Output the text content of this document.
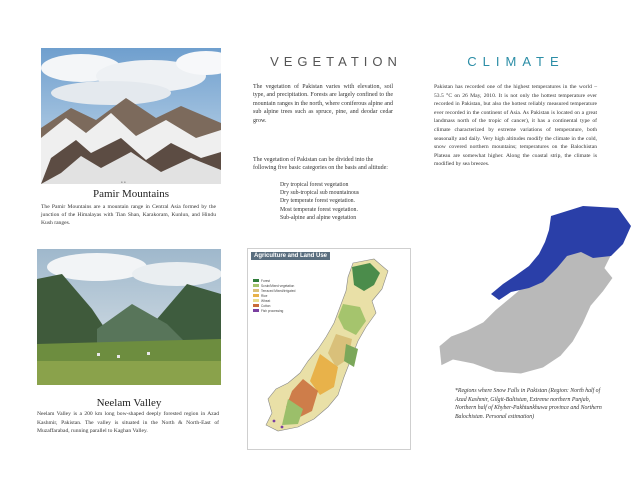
• •
Pamir Mountains
The Pamir Mountains are a mountain range in Central Asia formed by the junction of the Himalayas with Tian Shan, Karakoram, Kunlun, and Hindu Kush ranges.
Neelam Valley
Neelam Valley is a 200 km long bow-shaped deeply forested region in Azad Kashmir, Pakistan. The valley is situated in the North & North-East of Muzaffarabad, running parallel to Kaghan Valley.
VEGETATION
The vegetation of Pakistan varies with elevation, soil type, and precipitation. Forests are largely confined to the mountain ranges in the north, where coniferous alpine and sub alpine trees such as spruce, pine, and deodar cedar grow.
The vegetation of Pakistan can be divided into the following five basic categories on the basis and altitude:
Dry tropical forest vegetation
Dry sub-tropical sub mountainous
Dry temperate forest vegetation.
Most temperate forest vegetation.
Sub-alpine and alpine vegetation
CLIMATE
Pakistan has recorded one of the highest temperatures in the world – 53.5 °C on 26 May, 2010. It is not only the hottest temperature ever recorded in Pakistan, but also the hottest reliably measured temperature ever recorded in the continent of Asia. As Pakistan is located on a great landmass north of the tropic of cancer), it has a continental type of climate characterized by extreme variations of temperature, both seasonally and daily. Very high altitudes modify the climate in the cold, snow covered northern mountains; temperatures on the Balochistan Plateau are somewhat higher. Along the coastal strip, the climate is modified by sea breezes.
Agriculture and Land Use
Forest
Scrub/Mixed vegetation
Terraced Mixed/Irrigated
Rice
Wheat
Cotton
Fish processing
*Regions where Snow Falls in Pakistan (Region: North half of Azad Kashmir, Gilgit-Baltistan, Extreme northern Punjab, Northern half of Khyber-Pakhtunkhuwa province and Northern Balochistan. Personal estimation)
